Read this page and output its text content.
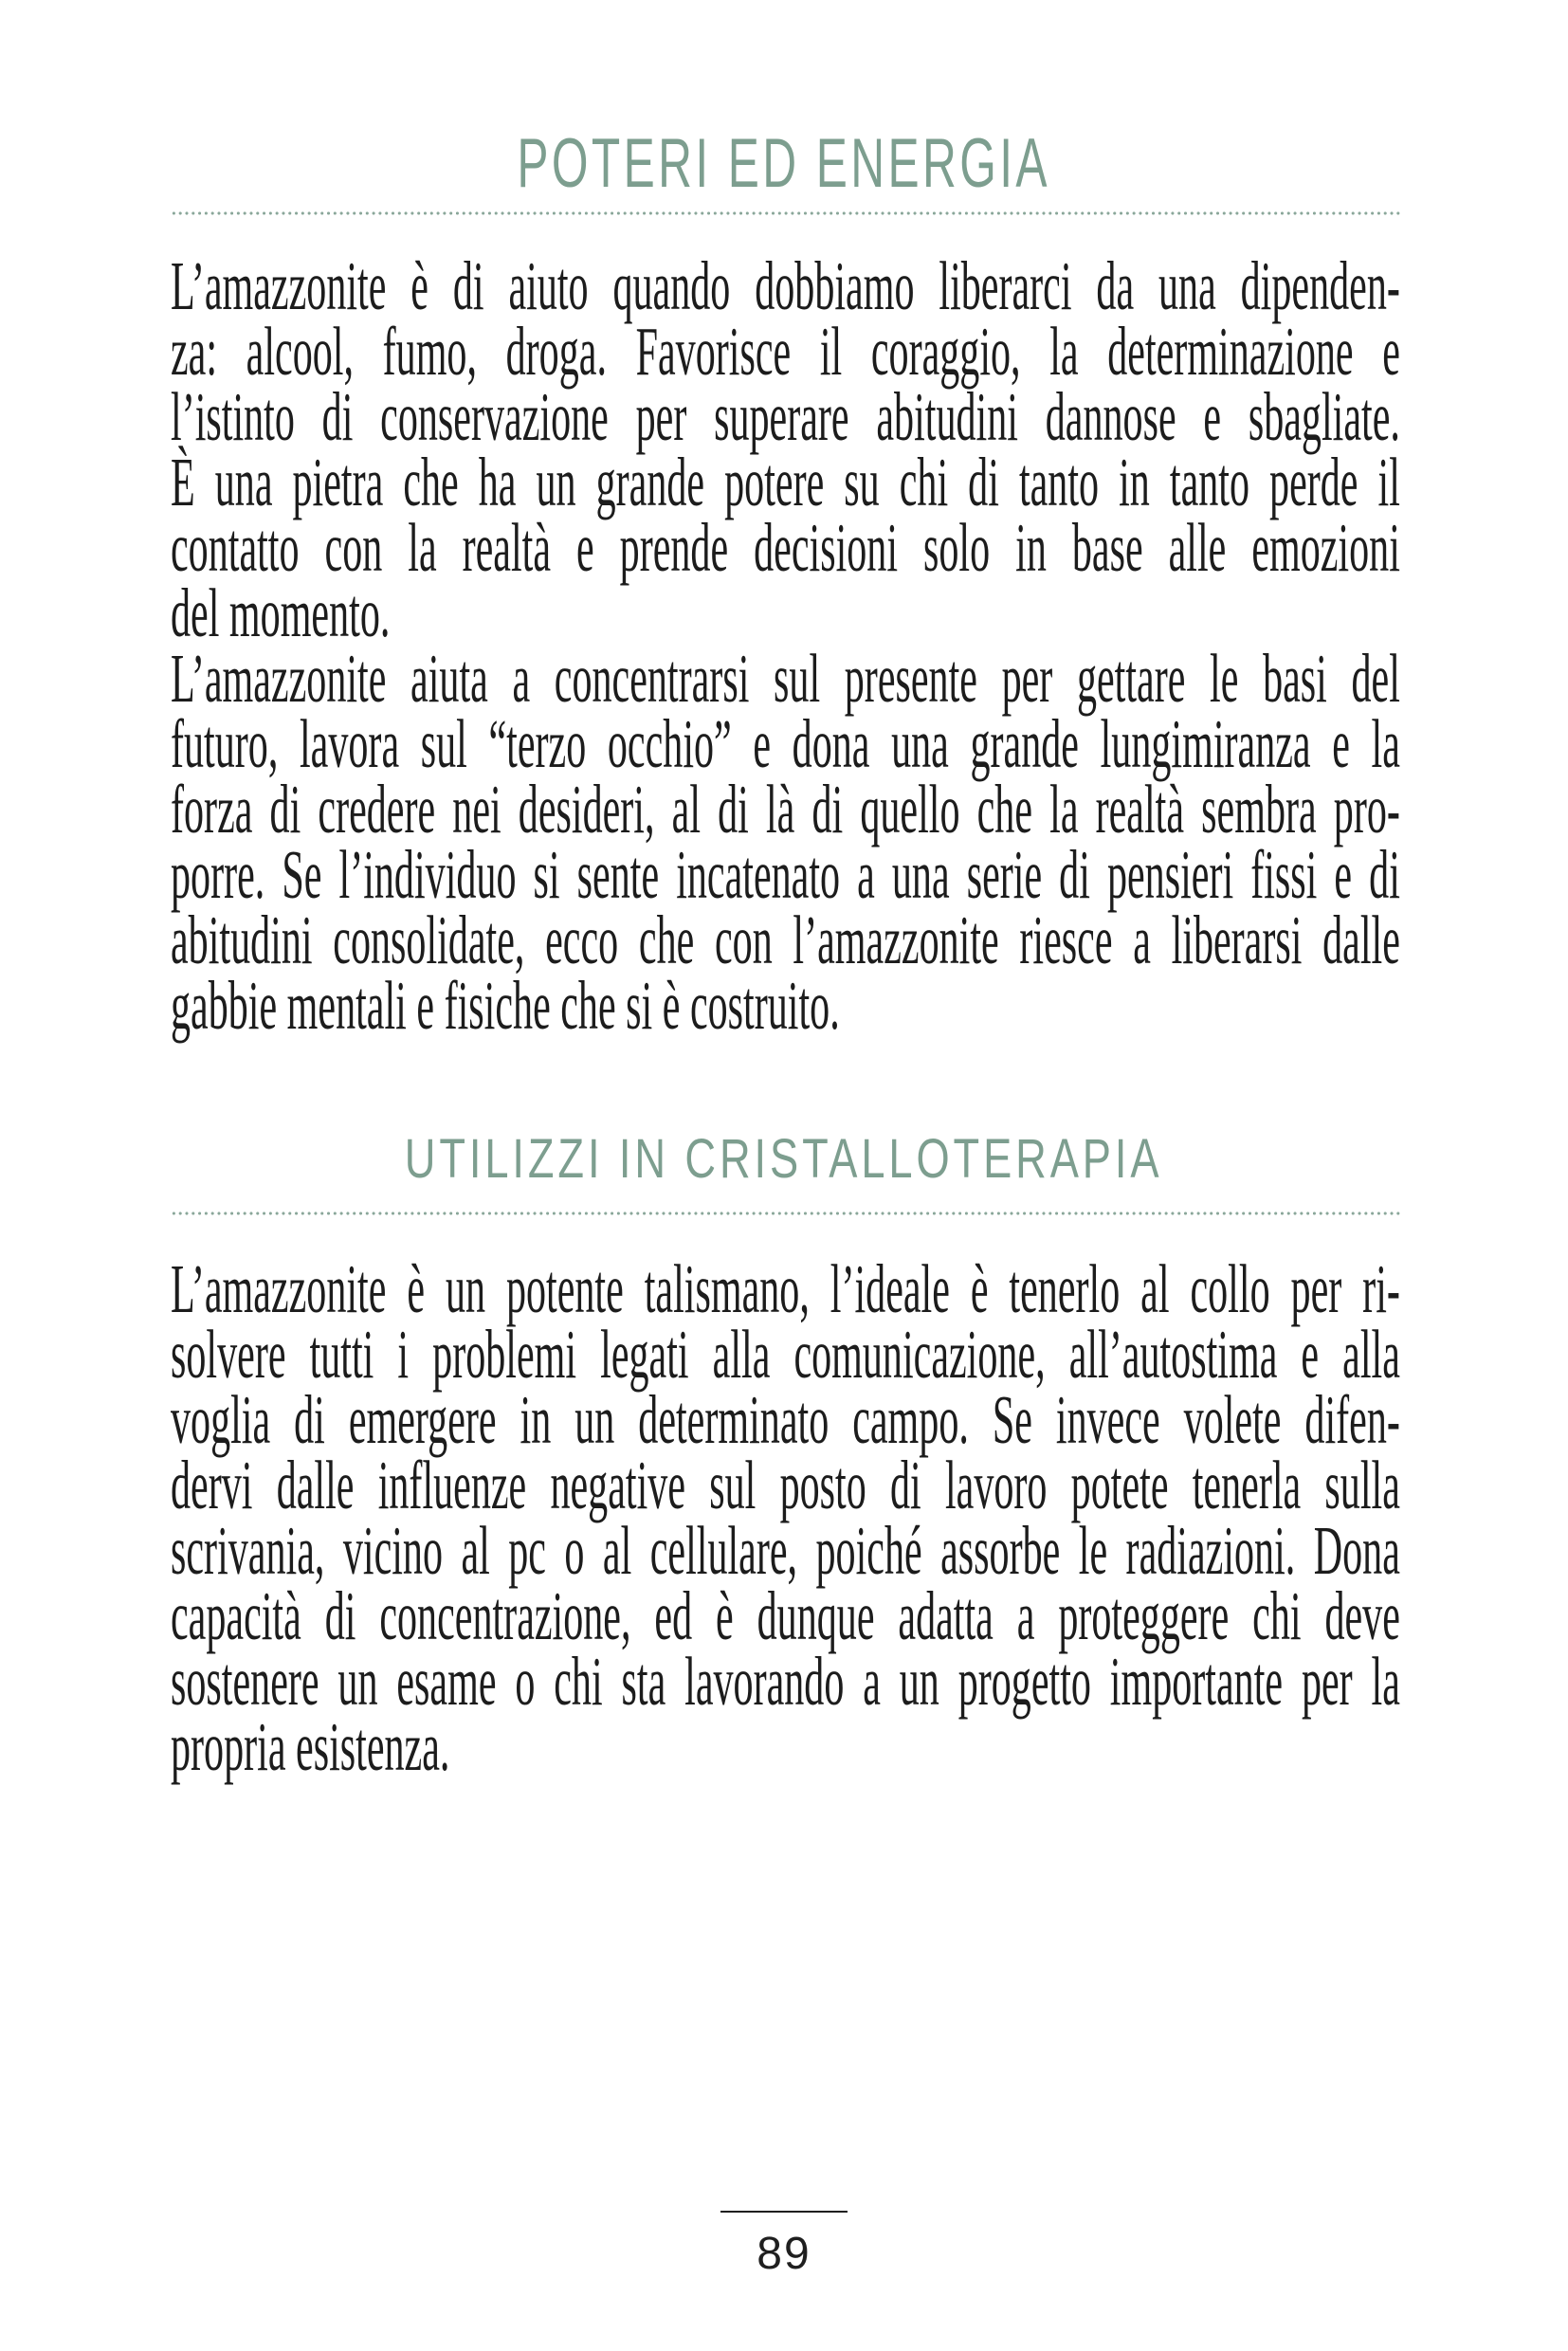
POTERI ED ENERGIA
L’amazzonite è di aiuto quando dobbiamo liberarci da una dipenden-
za: alcool, fumo, droga. Favorisce il coraggio, la determinazione e
l’istinto di conservazione per superare abitudini dannose e sbagliate.
È una pietra che ha un grande potere su chi di tanto in tanto perde il
contatto con la realtà e prende decisioni solo in base alle emozioni
del momento.
L’amazzonite aiuta a concentrarsi sul presente per gettare le basi del
futuro, lavora sul “terzo occhio” e dona una grande lungimiranza e la
forza di credere nei desideri, al di là di quello che la realtà sembra pro-
porre. Se l’individuo si sente incatenato a una serie di pensieri fissi e di
abitudini consolidate, ecco che con l’amazzonite riesce a liberarsi dalle
gabbie mentali e fisiche che si è costruito.
UTILIZZI IN CRISTALLOTERAPIA
L’amazzonite è un potente talismano, l’ideale è tenerlo al collo per ri-
solvere tutti i problemi legati alla comunicazione, all’autostima e alla
voglia di emergere in un determinato campo. Se invece volete difen-
dervi dalle influenze negative sul posto di lavoro potete tenerla sulla
scrivania, vicino al pc o al cellulare, poiché assorbe le radiazioni. Dona
capacità di concentrazione, ed è dunque adatta a proteggere chi deve
sostenere un esame o chi sta lavorando a un progetto importante per la
propria esistenza.
89
